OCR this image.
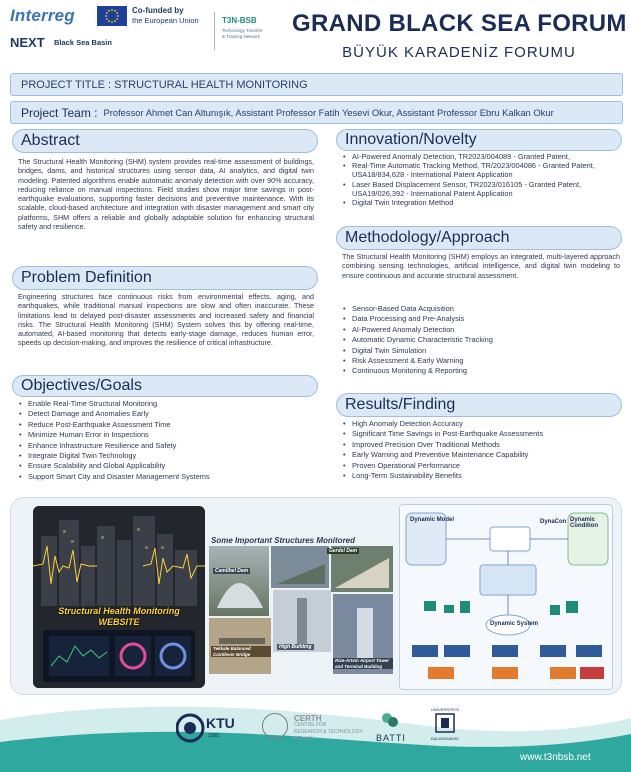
Interreg
NEXT Black Sea Basin
Co-funded by
the European Union	T3N-BSB
Technology Transfer
& Training Network GRAND BLACK SEA FORUM
BÜYÜK KARADENİZ FORUMU
PROJECT TITLE : STRUCTURAL HEALTH MONITORING
Project Team : Professor Ahmet Can Altunışık, Assistant Professor Fatih Yesevi Okur, Assistant Professor Ebru Kalkan Okur
Abstract
The Structural Health Monitoring (SHM) system provides real-time assessment of buildings, bridges, dams, and historical structures using sensor data, AI analytics, and digital twin modeling. Patented algorithms enable automatic anomaly detection with over 90% accuracy, reducing reliance on manual inspections. Field studies show major time savings in post-earthquake evaluations, supporting faster decisions and preventive maintenance. With its scalable, cloud-based architecture and integration with disaster management and smart city platforms, SHM offers a reliable and globally adaptable solution for enhancing structural safety and resilience.
Problem Definition
Engineering structures face continuous risks from environmental effects, aging, and earthquakes, while traditional manual inspections are slow and often inaccurate. These limitations lead to delayed post-disaster assessments and increased safety and financial risks. The Structural Health Monitoring (SHM) System solves this by offering real-time, automated, AI-based monitoring that detects early-stage damage, reduces human error, speeds up decision-making, and improves the resilience of critical infrastructure.
Objectives/Goals
• Enable Real-Time Structural Monitoring
• Detect Damage and Anomalies Early
• Reduce Post-Earthquake Assessment Time
• Minimize Human Error in Inspections
• Enhance Infrastructure Resilience and Safety
• Integrate Digital Twin Technology
• Ensure Scalability and Global Applicability
• Support Smart City and Disaster Management Systems
Innovation/Novelty
• AI-Powered Anomaly Detection, TR2023/004089 - Granted Patent,
• Real-Time Automatic Tracking Method, TR/2023/004086 - Granted Patent, USA18/834,628 - International Patent Application
• Laser Based Displacement Sensor, TR2023/016105 - Granted Patent, USA19/026,392 - International Patent Application
• Digital Twin Integration Method
Methodology/Approach
The Structural Health Monitoring (SHM) employs an integrated, multi-layered approach combining sensing technologies, artificial intelligence, and digital twin modeling to ensure continuous and accurate structural assessment.
• Sensor-Based Data Acquisition
• Data Processing and Pre-Analysis
• AI-Powered Anomaly Detection
• Automatic Dynamic Characteristic Tracking
• Digital Twin Simulation
• Risk Assessment & Early Warning
• Continuous Monitoring & Reporting
Results/Finding
• High Anomaly Detection Accuracy
• Significant Time Savings in Post-Earthquake Assessments
• Improved Precision Over Traditional Methods
• Early Warning and Preventive Maintenance Capability
• Proven Operational Performance
• Long-Term Sustainability Benefits
Structural Health Monitoring
WEBSITE
Some Important Structures Monitored
Gerdel Dam
Camlibel Dam
Tekkale Balanced Cantilever Bridge
High Building
Rize-Artvin Airport Tower and Terminal Building
Dynamic Model	DynaCon Dynamic Condition
Dynamic System
KTU
1955
CERTH
CENTRE FOR
RESEARCH & TECHNOLOGY
HELLAS	BATTI
ÜNİVERSİTESİ
GALATASARAY
www.t3nbsb.net
